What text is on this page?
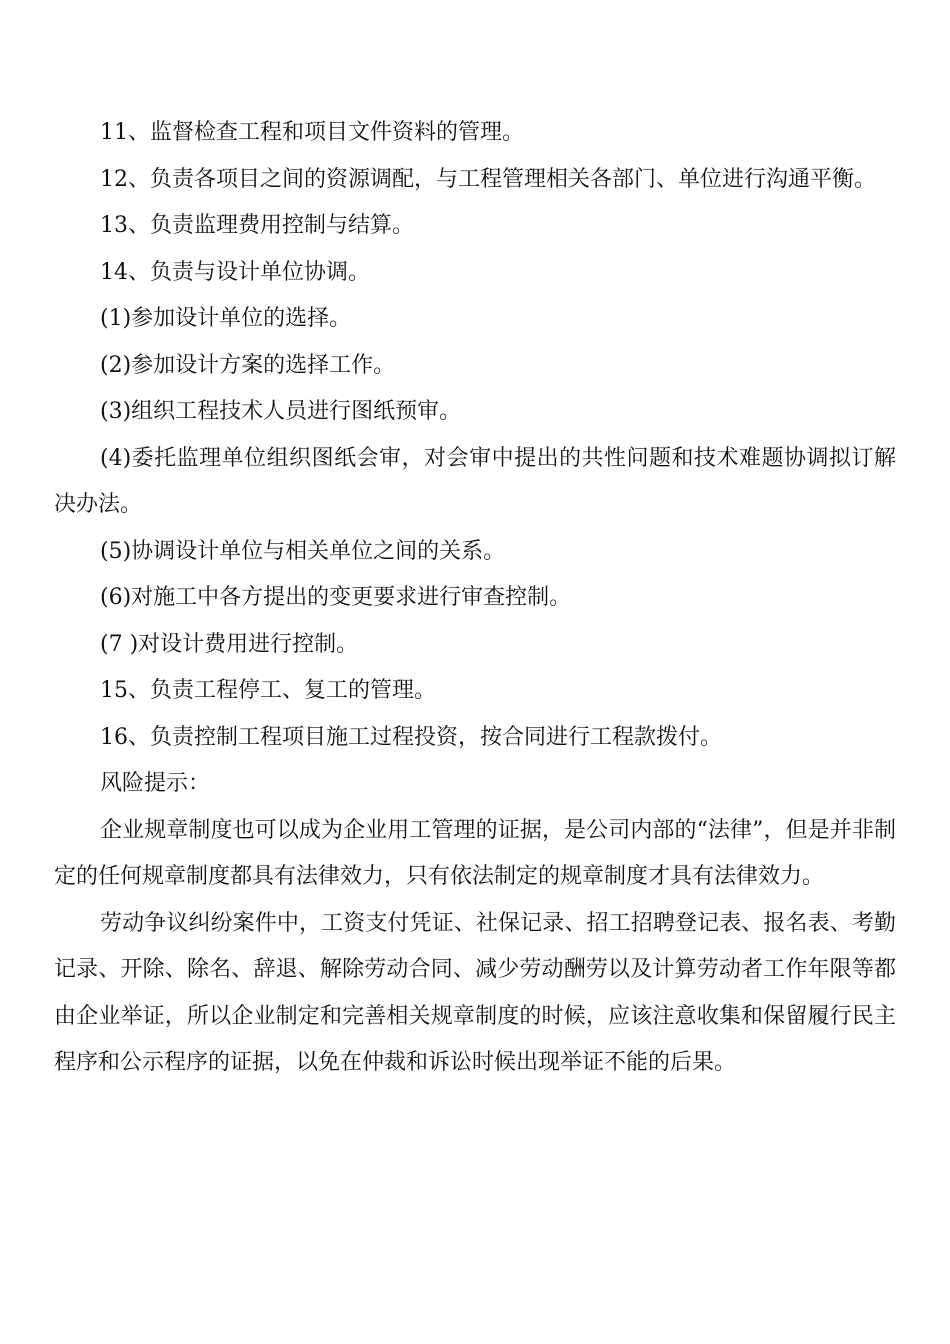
11、监督检查工程和项目文件资料的管理。

12、负责各项目之间的资源调配，与工程管理相关各部门、单位进行沟通平衡。

13、负责监理费用控制与结算。

14、负责与设计单位协调。

(1)参加设计单位的选择。

(2)参加设计方案的选择工作。

(3)组织工程技术人员进行图纸预审。

(4)委托监理单位组织图纸会审，对会审中提出的共性问题和技术难题协调拟订解决办法。

(5)协调设计单位与相关单位之间的关系。

(6)对施工中各方提出的变更要求进行审查控制。

(7 )对设计费用进行控制。

15、负责工程停工、复工的管理。

16、负责控制工程项目施工过程投资，按合同进行工程款拨付。

风险提示：

企业规章制度也可以成为企业用工管理的证据，是公司内部的“法律”，但是并非制定的任何规章制度都具有法律效力，只有依法制定的规章制度才具有法律效力。

劳动争议纠纷案件中，工资支付凭证、社保记录、招工招聘登记表、报名表、考勤记录、开除、除名、辞退、解除劳动合同、减少劳动酬劳以及计算劳动者工作年限等都由企业举证，所以企业制定和完善相关规章制度的时候，应该注意收集和保留履行民主程序和公示程序的证据，以免在仲裁和诉讼时候出现举证不能的后果。
